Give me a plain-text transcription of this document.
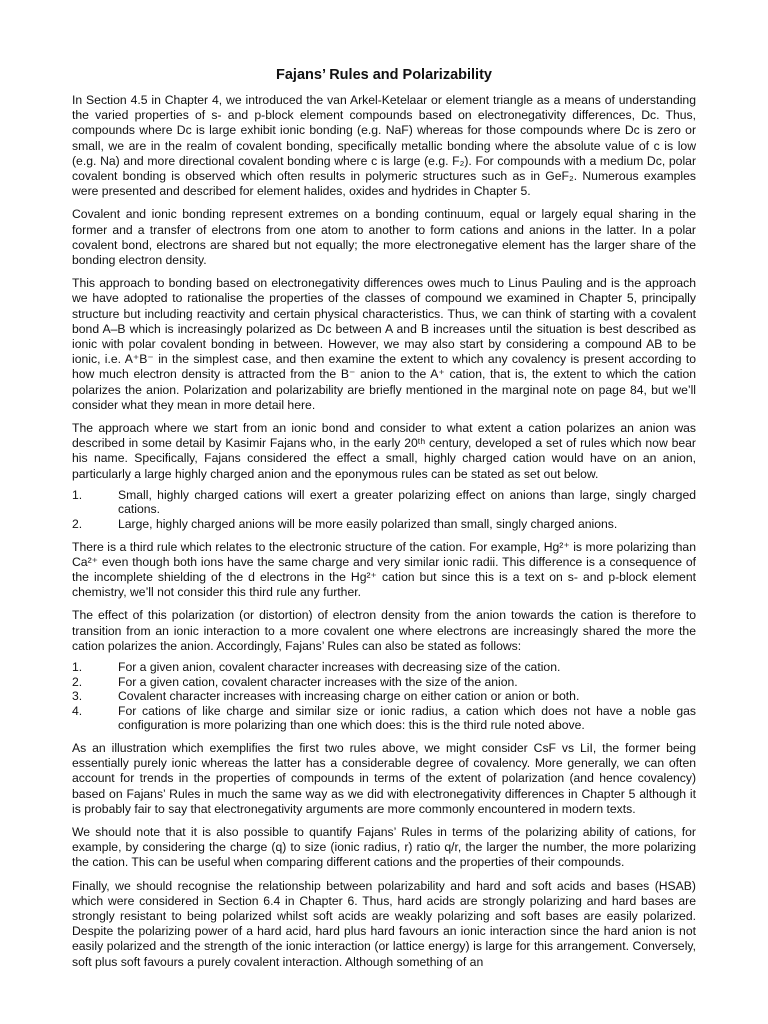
Fajans’ Rules and Polarizability

In Section 4.5 in Chapter 4, we introduced the van Arkel-Ketelaar or element triangle as a means of understanding the varied properties of s- and p-block element compounds based on electronegativity differences, Dc. Thus, compounds where Dc is large exhibit ionic bonding (e.g. NaF) whereas for those compounds where Dc is zero or small, we are in the realm of covalent bonding, specifically metallic bonding where the absolute value of c is low (e.g. Na) and more directional covalent bonding where c is large (e.g. F₂). For compounds with a medium Dc, polar covalent bonding is observed which often results in polymeric structures such as in GeF₂. Numerous examples were presented and described for element halides, oxides and hydrides in Chapter 5.

Covalent and ionic bonding represent extremes on a bonding continuum, equal or largely equal sharing in the former and a transfer of electrons from one atom to another to form cations and anions in the latter. In a polar covalent bond, electrons are shared but not equally; the more electronegative element has the larger share of the bonding electron density.

This approach to bonding based on electronegativity differences owes much to Linus Pauling and is the approach we have adopted to rationalise the properties of the classes of compound we examined in Chapter 5, principally structure but including reactivity and certain physical characteristics. Thus, we can think of starting with a covalent bond A–B which is increasingly polarized as Dc between A and B increases until the situation is best described as ionic with polar covalent bonding in between. However, we may also start by considering a compound AB to be ionic, i.e. A⁺B⁻ in the simplest case, and then examine the extent to which any covalency is present according to how much electron density is attracted from the B⁻ anion to the A⁺ cation, that is, the extent to which the cation polarizes the anion. Polarization and polarizability are briefly mentioned in the marginal note on page 84, but we’ll consider what they mean in more detail here.

The approach where we start from an ionic bond and consider to what extent a cation polarizes an anion was described in some detail by Kasimir Fajans who, in the early 20ᵗʰ century, developed a set of rules which now bear his name. Specifically, Fajans considered the effect a small, highly charged cation would have on an anion, particularly a large highly charged anion and the eponymous rules can be stated as set out below.

1.	Small, highly charged cations will exert a greater polarizing effect on anions than large, singly charged cations.
2.	Large, highly charged anions will be more easily polarized than small, singly charged anions.

There is a third rule which relates to the electronic structure of the cation. For example, Hg²⁺ is more polarizing than Ca²⁺ even though both ions have the same charge and very similar ionic radii. This difference is a consequence of the incomplete shielding of the d electrons in the Hg²⁺ cation but since this is a text on s- and p-block element chemistry, we’ll not consider this third rule any further.

The effect of this polarization (or distortion) of electron density from the anion towards the cation is therefore to transition from an ionic interaction to a more covalent one where electrons are increasingly shared the more the cation polarizes the anion. Accordingly, Fajans’ Rules can also be stated as follows:

1.	For a given anion, covalent character increases with decreasing size of the cation.
2.	For a given cation, covalent character increases with the size of the anion.
3.	Covalent character increases with increasing charge on either cation or anion or both.
4.	For cations of like charge and similar size or ionic radius, a cation which does not have a noble gas configuration is more polarizing than one which does: this is the third rule noted above.

As an illustration which exemplifies the first two rules above, we might consider CsF vs LiI, the former being essentially purely ionic whereas the latter has a considerable degree of covalency. More generally, we can often account for trends in the properties of compounds in terms of the extent of polarization (and hence covalency) based on Fajans’ Rules in much the same way as we did with electronegativity differences in Chapter 5 although it is probably fair to say that electronegativity arguments are more commonly encountered in modern texts.

We should note that it is also possible to quantify Fajans’ Rules in terms of the polarizing ability of cations, for example, by considering the charge (q) to size (ionic radius, r) ratio q/r, the larger the number, the more polarizing the cation. This can be useful when comparing different cations and the properties of their compounds.

Finally, we should recognise the relationship between polarizability and hard and soft acids and bases (HSAB) which were considered in Section 6.4 in Chapter 6. Thus, hard acids are strongly polarizing and hard bases are strongly resistant to being polarized whilst soft acids are weakly polarizing and soft bases are easily polarized. Despite the polarizing power of a hard acid, hard plus hard favours an ionic interaction since the hard anion is not easily polarized and the strength of the ionic interaction (or lattice energy) is large for this arrangement. Conversely, soft plus soft favours a purely covalent interaction. Although something of an
